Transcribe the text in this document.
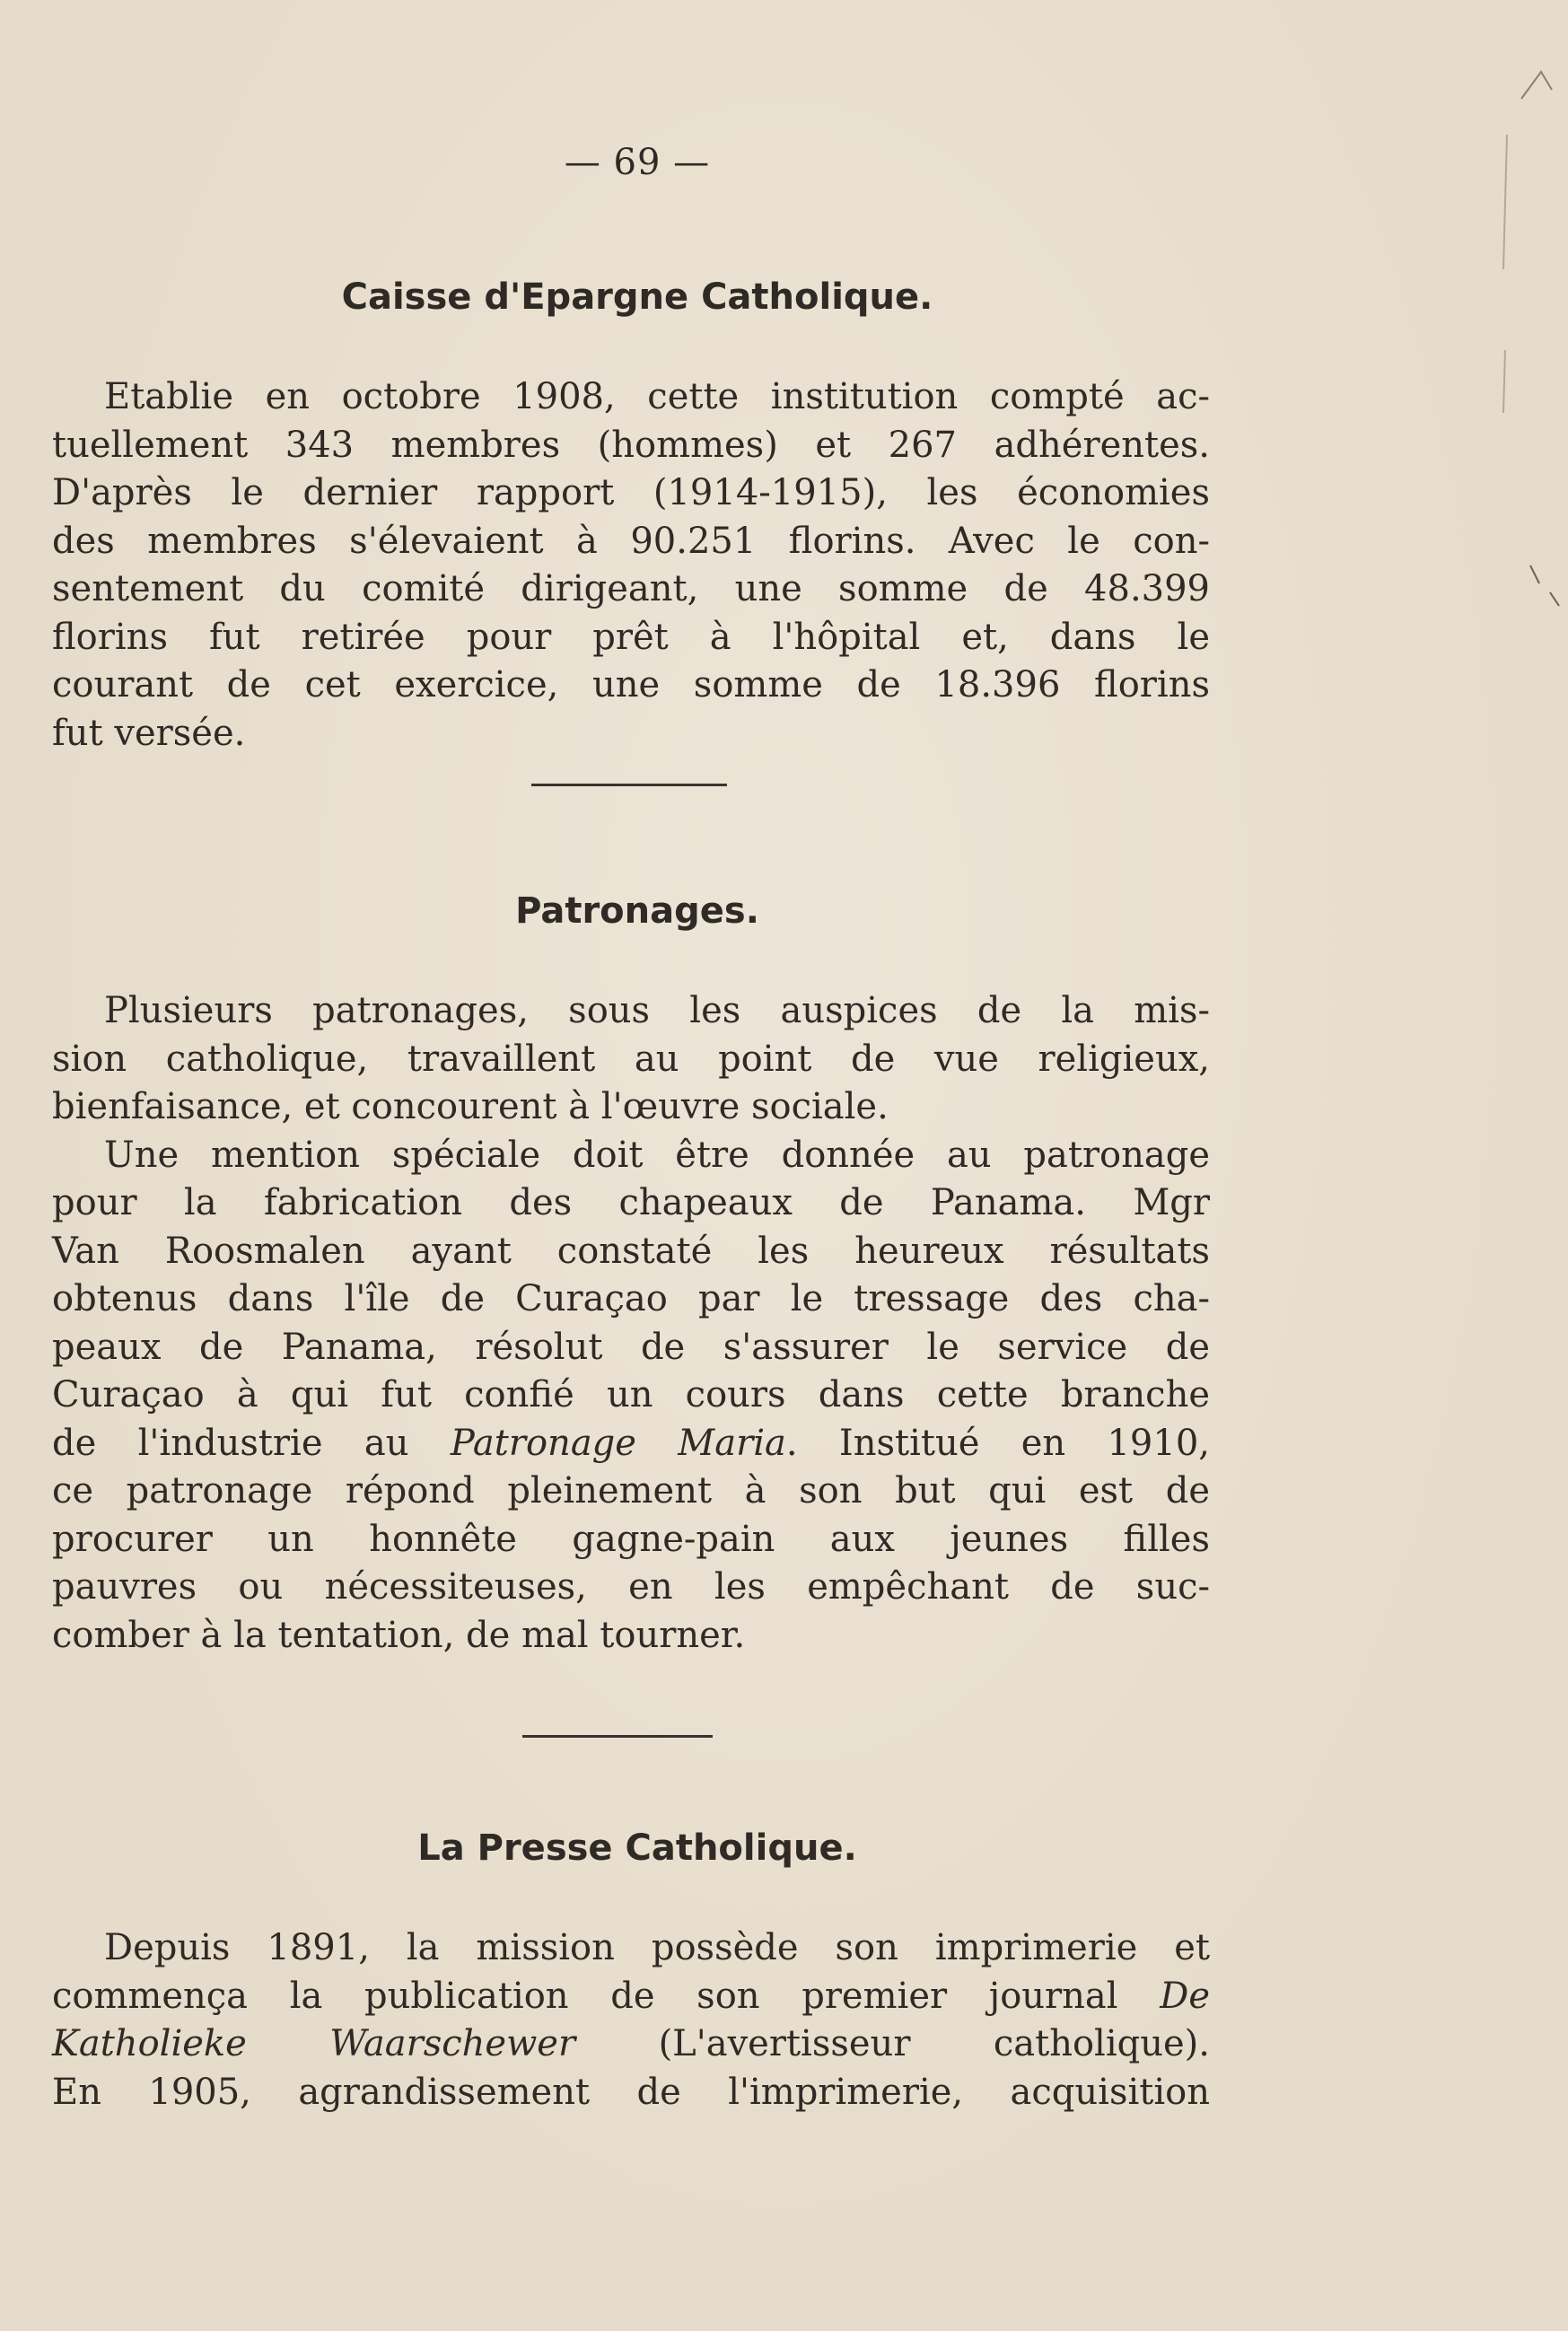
— 69 —
Caisse d'Epargne Catholique.
Etablie en octobre 1908, cette institution compté ac-
tuellement 343 membres (hommes) et 267 adhérentes.
D'après le dernier rapport (1914-1915), les économies
des membres s'élevaient à 90.251 florins. Avec le con-
sentement du comité dirigeant, une somme de 48.399
florins fut retirée pour prêt à l'hôpital et, dans le
courant de cet exercice, une somme de 18.396 florins
fut versée.
Patronages.
Plusieurs patronages, sous les auspices de la mis-
sion catholique, travaillent au point de vue religieux,
bienfaisance, et concourent à l'œuvre sociale.
Une mention spéciale doit être donnée au patronage
pour la fabrication des chapeaux de Panama. Mgr
Van Roosmalen ayant constaté les heureux résultats
obtenus dans l'île de Curaçao par le tressage des cha-
peaux de Panama, résolut de s'assurer le service de
Curaçao à qui fut confié un cours dans cette branche
de l'industrie au Patronage Maria. Institué en 1910,
ce patronage répond pleinement à son but qui est de
procurer un honnête gagne-pain aux jeunes filles
pauvres ou nécessiteuses, en les empêchant de suc-
comber à la tentation, de mal tourner.
La Presse Catholique.
Depuis 1891, la mission possède son imprimerie et
commença la publication de son premier journal De
Katholieke Waarschewer (L'avertisseur catholique).
En 1905, agrandissement de l'imprimerie, acquisition
